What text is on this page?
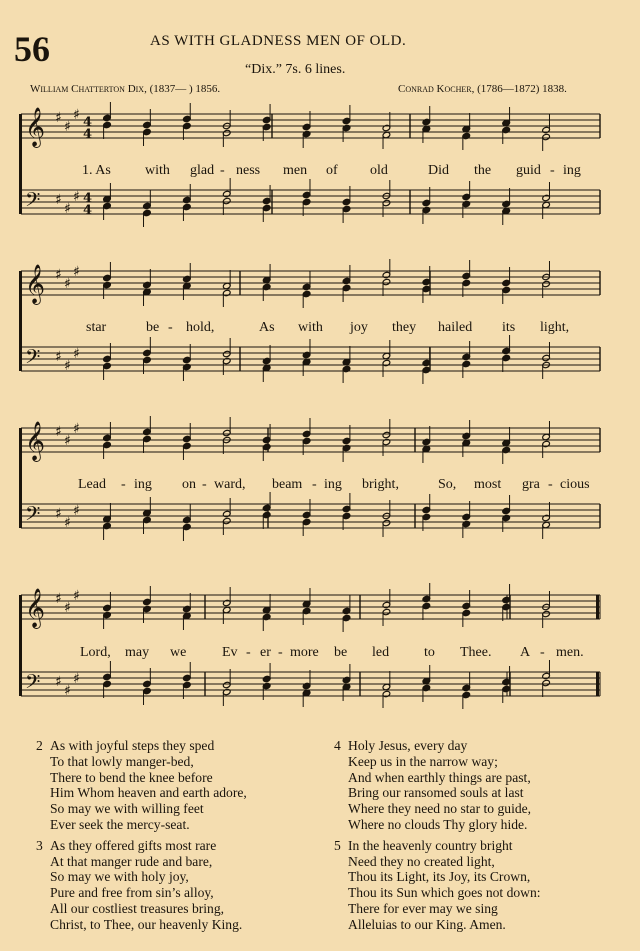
56	AS WITH GLADNESS MEN OF OLD.
“Dix.” 7s. 6 lines.
William Chatterton Dix, (1837— ) 1856.	Conrad Kocher, (1786—1872) 1838.
𝄞 ♯
♯
♯ 4
4
𝄢 ♯
♯
♯ 4
4
𝄞 ♯
♯
♯
𝄢 ♯
♯
♯
𝄞 ♯
♯
♯
𝄢 ♯
♯
♯
𝄞 ♯
♯
♯
𝄢 ♯
♯
♯
1. As with glad - ness men of old	Did the guid - ing
star	be - hold,	As with joy they hailed its light,
Lead - ing on - ward, beam - ing bright,	So, most gra - cious
Lord, may we	Ev - er - more be led to Thee. A - men.
2 As with joyful steps they sped
To that lowly manger-bed,
There to bend the knee before
Him Whom heaven and earth adore,
So may we with willing feet
Ever seek the mercy-seat.
3 As they offered gifts most rare
At that manger rude and bare,
So may we with holy joy,
Pure and free from sin’s alloy,
All our costliest treasures bring,
Christ, to Thee, our heavenly King.
4 Holy Jesus, every day
Keep us in the narrow way;
And when earthly things are past,
Bring our ransomed souls at last
Where they need no star to guide,
Where no clouds Thy glory hide.
5 In the heavenly country bright
Need they no created light,
Thou its Light, its Joy, its Crown,
Thou its Sun which goes not down:
There for ever may we sing
Alleluias to our King. Amen.
